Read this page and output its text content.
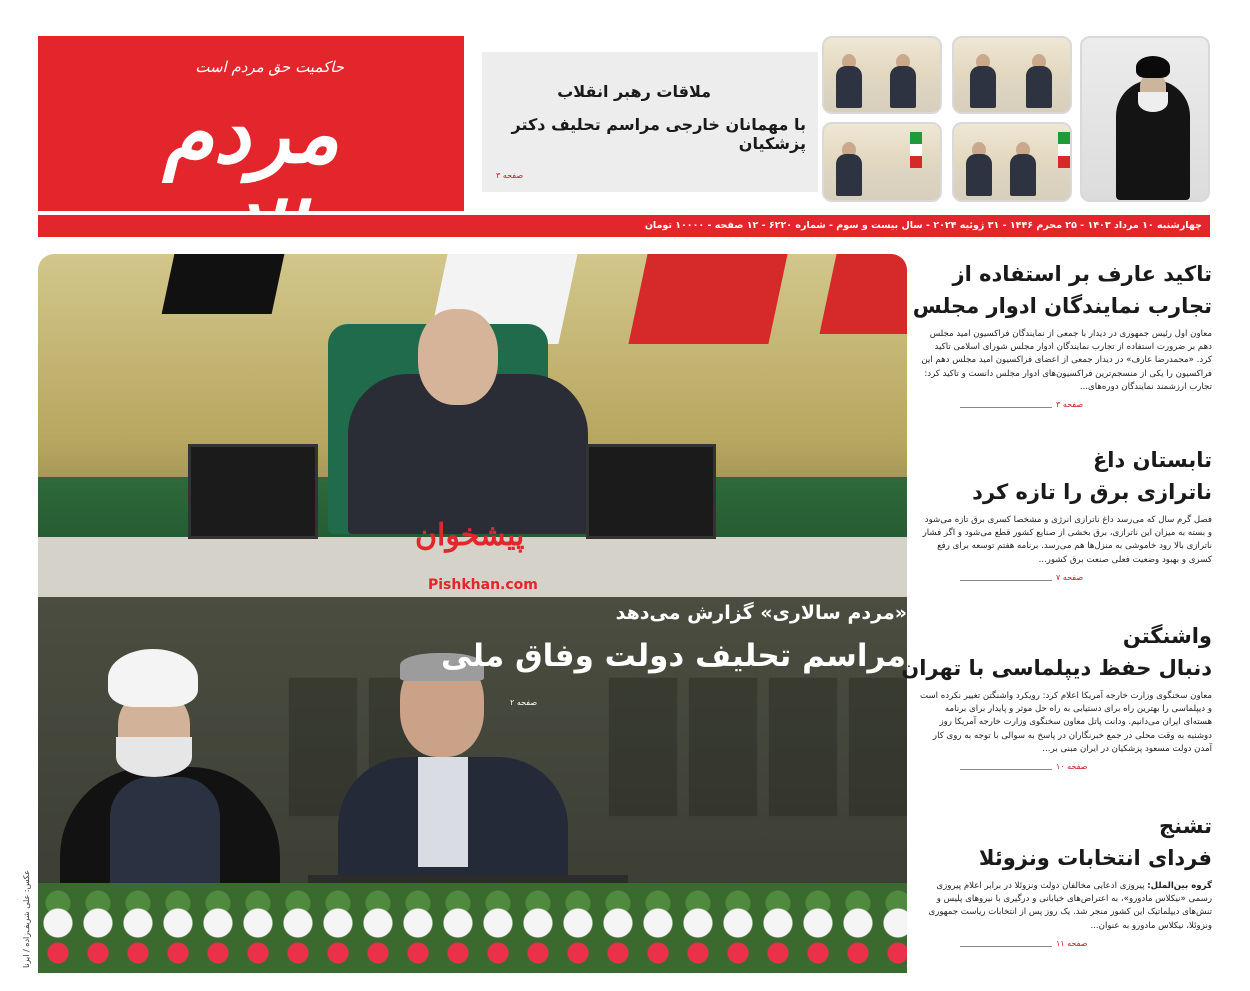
حاکمیت حق مردم است
مردم	ملاقات رهبر انقلاب
با مهمانان خارجی مراسم تحلیف دکتر پزشکیان
صفحه ۳
چهارشنبه ۱۰ مرداد ۱۴۰۳ - ۲۵ محرم ۱۴۴۶ - ۳۱ ژوئیه ۲۰۲۴ - سال بیست و سوم - شماره ۶۲۲۰ - ۱۲ صفحه - ۱۰۰۰۰ تومان
پیشخوان
Pishkhan.com
«مردم سالاری» گزارش می‌دهد
مراسم تحلیف دولت وفاق ملی
صفحه ۲
عکس: علی شریف‌زاده / ایرنا
تاکید عارف بر استفاده از
تجارب نمایندگان ادوار مجلس
معاون اول رئیس جمهوری در دیدار با جمعی از نمایندگان فراکسیون امید مجلس دهم بر ضرورت استفاده از تجارب نمایندگان ادوار مجلس شورای اسلامی تاکید کرد. «محمدرضا عارف» در دیدار جمعی از اعضای فراکسیون امید مجلس دهم این فراکسیون را یکی از منسجم‌ترین فراکسیون‌های ادوار مجلس دانست و تاکید کرد: تجارب ارزشمند نمایندگان دوره‌های...
صفحه ۳
تابستان داغ
ناترازی برق را تازه کرد
فصل گرم سال که می‌رسد داغ ناترازی انرژی و مشخصا کسری برق تازه می‌شود و بسته به میزان این ناترازی، برق بخشی از صنایع کشور قطع می‌شود و اگر فشار ناترازی بالا رود خاموشی به منزل‌ها هم می‌رسد. برنامه هفتم توسعه برای رفع کسری و بهبود وضعیت فعلی صنعت برق کشور...
صفحه ۷
واشنگتن
دنبال حفظ دیپلماسی با تهران
معاون سخنگوی وزارت خارجه آمریکا اعلام کرد: رویکرد واشنگتن تغییر نکرده است و دیپلماسی را بهترین راه برای دستیابی به راه حل موثر و پایدار برای برنامه هسته‌ای ایران می‌دانیم. ودانت پاتل معاون سخنگوی وزارت خارجه آمریکا روز دوشنبه به وقت محلی در جمع خبرنگاران در پاسخ به سوالی با توجه به روی کار آمدن دولت مسعود پزشکیان در ایران مبنی بر...
صفحه ۱۰
تشنج
فردای انتخابات ونزوئلا
گروه بین‌الملل: پیروزی ادعایی مخالفان دولت ونزوئلا در برابر اعلام پیروزی رسمی «نیکلاس مادورو»، به اعتراض‌های خیابانی و درگیری با نیروهای پلیس و تنش‌های دیپلماتیک این کشور منجر شد. یک روز پس از انتخابات ریاست جمهوری ونزوئلا، نیکلاس مادورو به عنوان...
صفحه ۱۱
